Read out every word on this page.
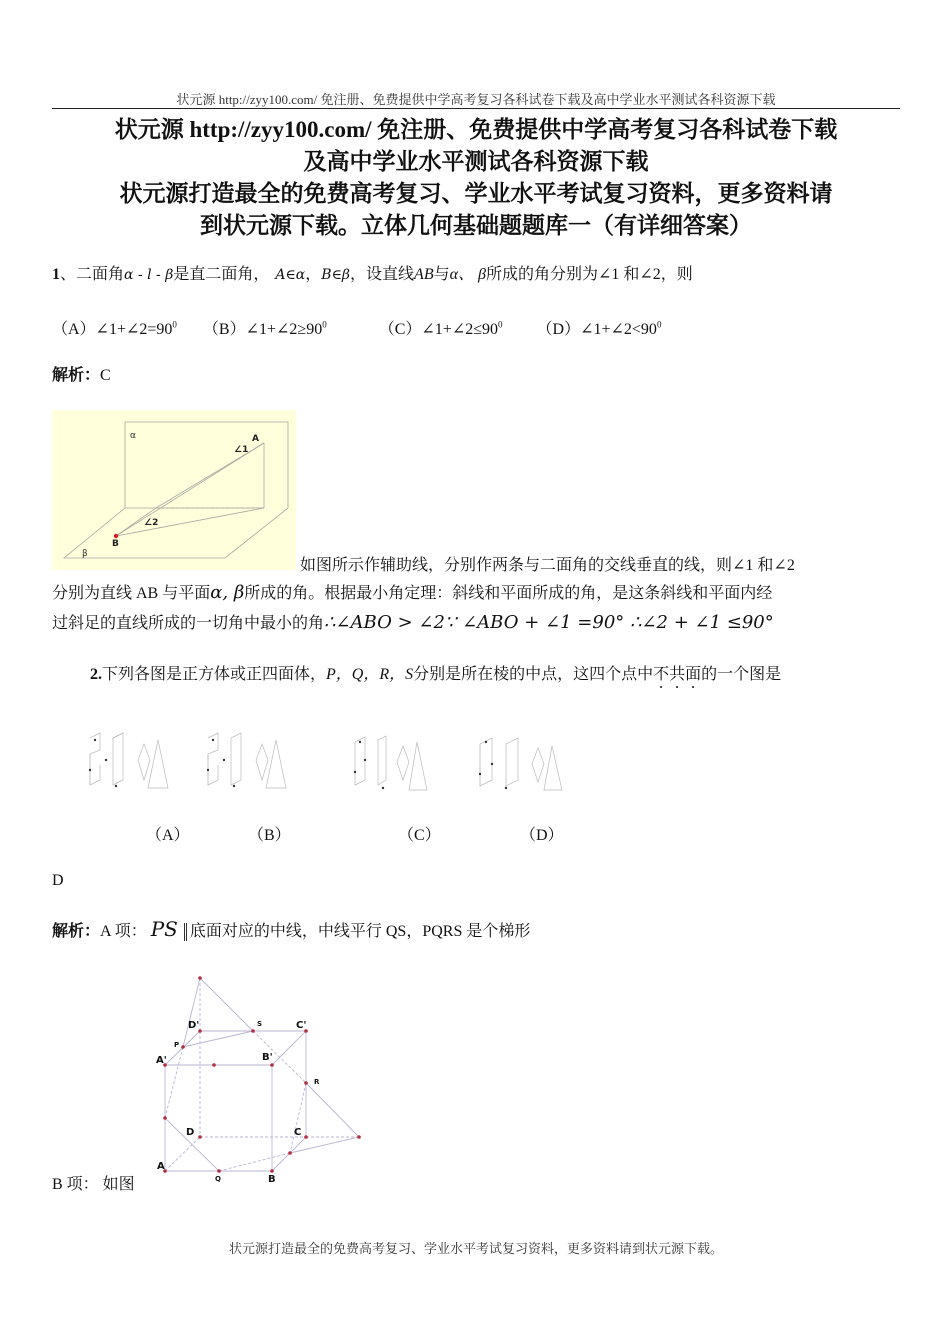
状元源 http://zyy100.com/ 免注册、免费提供中学高考复习各科试卷下载及高中学业水平测试各科资源下载
状元源 http://zyy100.com/ 免注册、免费提供中学高考复习各科试卷下载
及高中学业水平测试各科资源下载
状元源打造最全的免费高考复习、学业水平考试复习资料，更多资料请
到状元源下载。立体几何基础题题库一（有详细答案）
1、二面角α - l - β是直二面角， A∈α，B∈β，设直线AB与α、 β所成的角分别为∠1 和∠2，则
$(A)\angle 1+\angle 2=90^0$ $(B)\angle 1+\angle 2\ge 90^0$	$(C)\angle 1+\angle 2\le 90^0$ $(D)\angle 1+\angle 2<90^0$
解析：C
α	A
∠1
∠2
B
β
如图所示作辅助线，分别作两条与二面角的交线垂直的线，则∠1 和∠2
分别为直线 AB 与平面α, β所成的角。根据最小角定理：斜线和平面所成的角，是这条斜线和平面内经
过斜足的直线所成的一切角中最小的角∴∠ABO > ∠2∵ ∠ABO + ∠1 =90° ∴∠2 + ∠1 ≤90°
2.下列各图是正方体或正四面体，P，Q，R，S分别是所在棱的中点，这四个点中不共面的一个图是
（A）	（B）	（C）	（D）
D
解析：A 项： PS 底面对应的中线，中线平行 QS，PQRS 是个梯形
D'	C'
A'	B'
D	C
A
B
P
S
R
Q
B 项： 如图
状元源打造最全的免费高考复习、学业水平考试复习资料，更多资料请到状元源下载。
